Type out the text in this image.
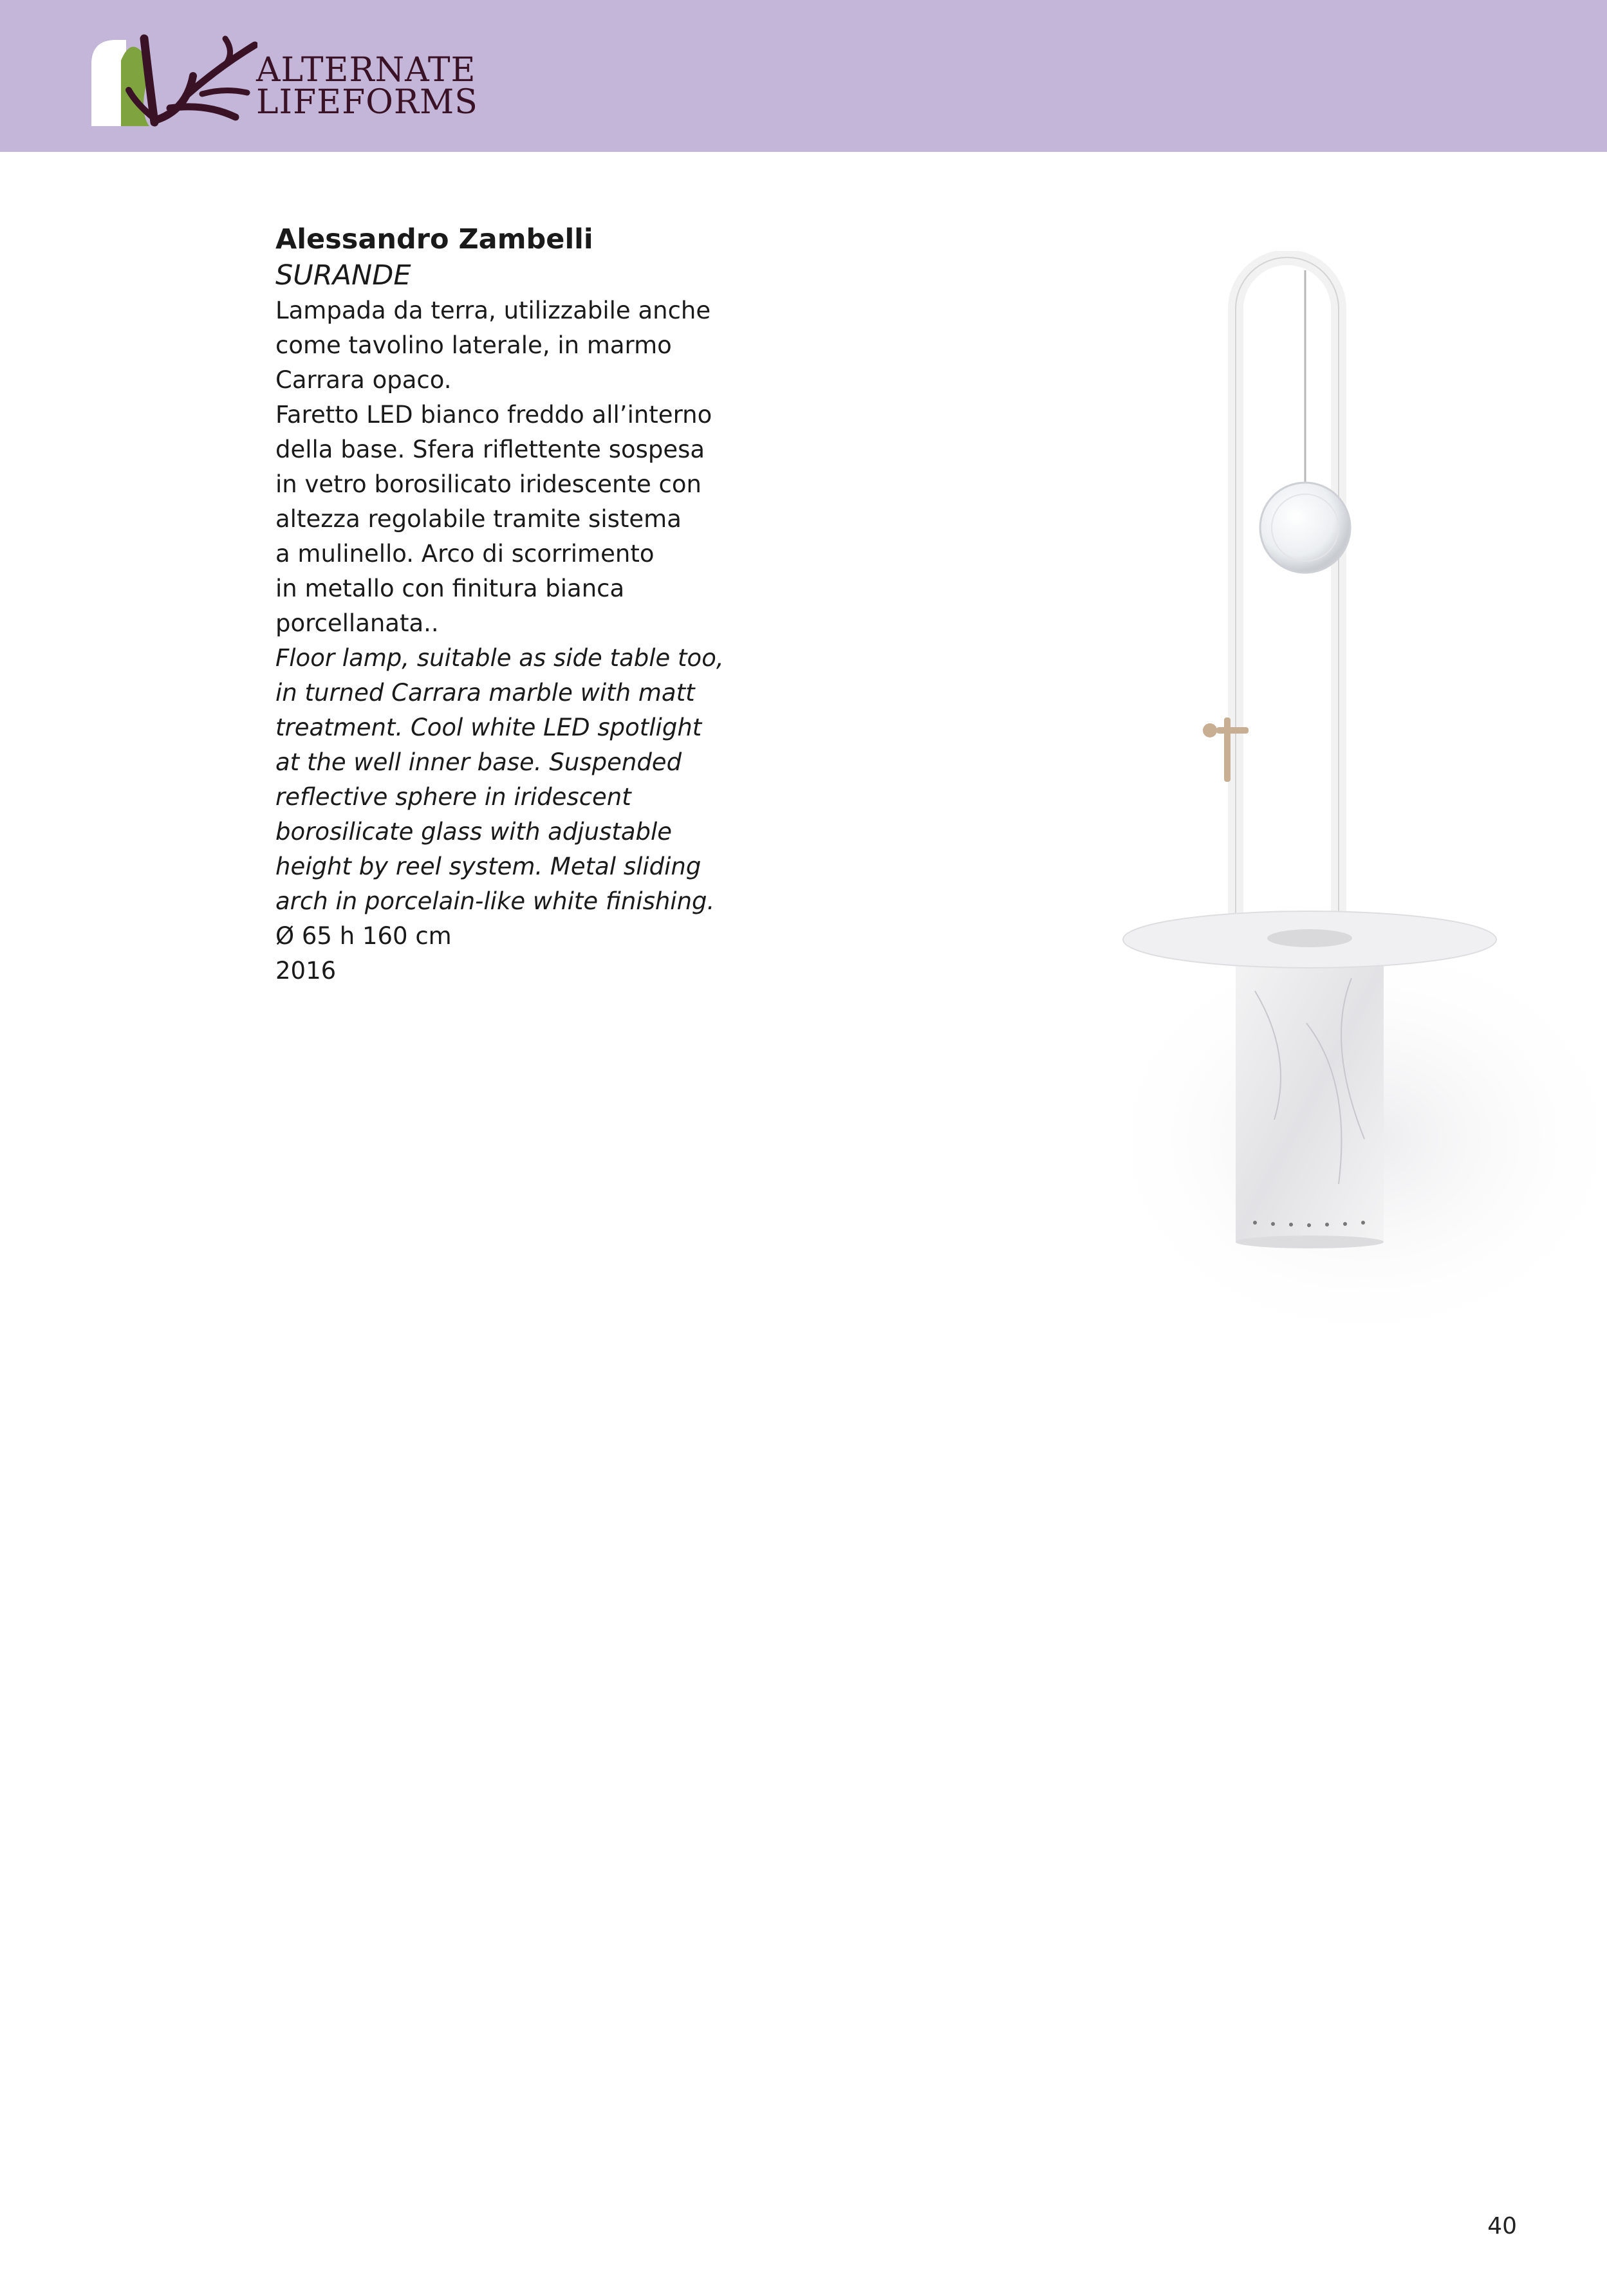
ALTERNATE
LIFEFORMS
Alessandro Zambelli
SURANDE
Lampada da terra, utilizzabile anche
come tavolino laterale, in marmo
Carrara opaco.
Faretto LED bianco freddo all’interno
della base. Sfera riflettente sospesa
in vetro borosilicato iridescente con
altezza regolabile tramite sistema
a mulinello. Arco di scorrimento
in metallo con finitura bianca
porcellanata..
Floor lamp, suitable as side table too,
in turned Carrara marble with matt
treatment. Cool white LED spotlight
at the well inner base. Suspended
reflective sphere in iridescent
borosilicate glass with adjustable
height by reel system. Metal sliding
arch in porcelain-like white finishing.
Ø 65 h 160 cm
2016
40
